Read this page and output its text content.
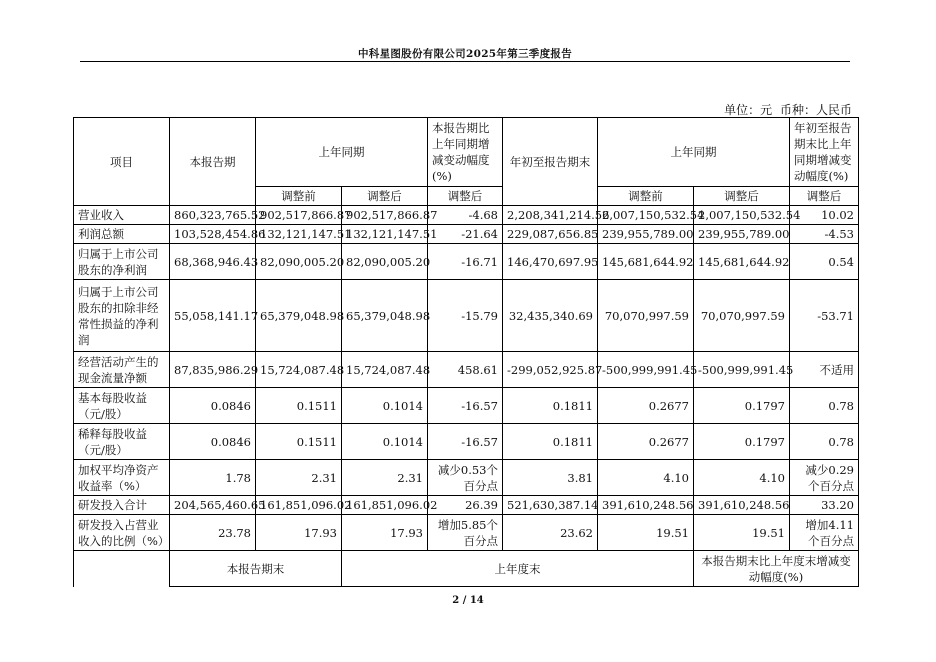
中科星图股份有限公司2025年第三季度报告
单位：元 币种：人民币
项目	本报告期	上年同期		本报告期比上年同期增减变动幅度(%)	年初至报告期末	上年同期		年初至报告期末比上年同期增减变动幅度(%)
		调整前	调整后	调整后		调整前	调整后	调整后
营业收入	860,323,765.52	902,517,866.87	902,517,866.87	-4.68	2,208,341,214.56	2,007,150,532.54	2,007,150,532.54	10.02
利润总额	103,528,454.86	132,121,147.51	132,121,147.51	-21.64	229,087,656.85	239,955,789.00	239,955,789.00	-4.53
归属于上市公司股东的净利润	68,368,946.43	82,090,005.20	82,090,005.20	-16.71	146,470,697.95	145,681,644.92	145,681,644.92	0.54
归属于上市公司股东的扣除非经常性损益的净利润	55,058,141.17	65,379,048.98	65,379,048.98	-15.79	32,435,340.69	70,070,997.59	70,070,997.59	-53.71
经营活动产生的现金流量净额	87,835,986.29	15,724,087.48	15,724,087.48	458.61	-299,052,925.87	-500,999,991.45	-500,999,991.45	不适用
基本每股收益（元/股）	0.0846	0.1511	0.1014	-16.57	0.1811	0.2677	0.1797	0.78
稀释每股收益（元/股）	0.0846	0.1511	0.1014	-16.57	0.1811	0.2677	0.1797	0.78
加权平均净资产收益率（%）	1.78	2.31	2.31	减少0.53个百分点	3.81	4.10	4.10	减少0.29个百分点
研发投入合计	204,565,460.65	161,851,096.02	161,851,096.02	26.39	521,630,387.14	391,610,248.56	391,610,248.56	33.20
研发投入占营业收入的比例（%）	23.78	17.93	17.93	增加5.85个百分点	23.62	19.51	19.51	增加4.11个百分点
	本报告期末		上年度末				本报告期末比上年度末增减变动幅度(%)	
2 / 14
